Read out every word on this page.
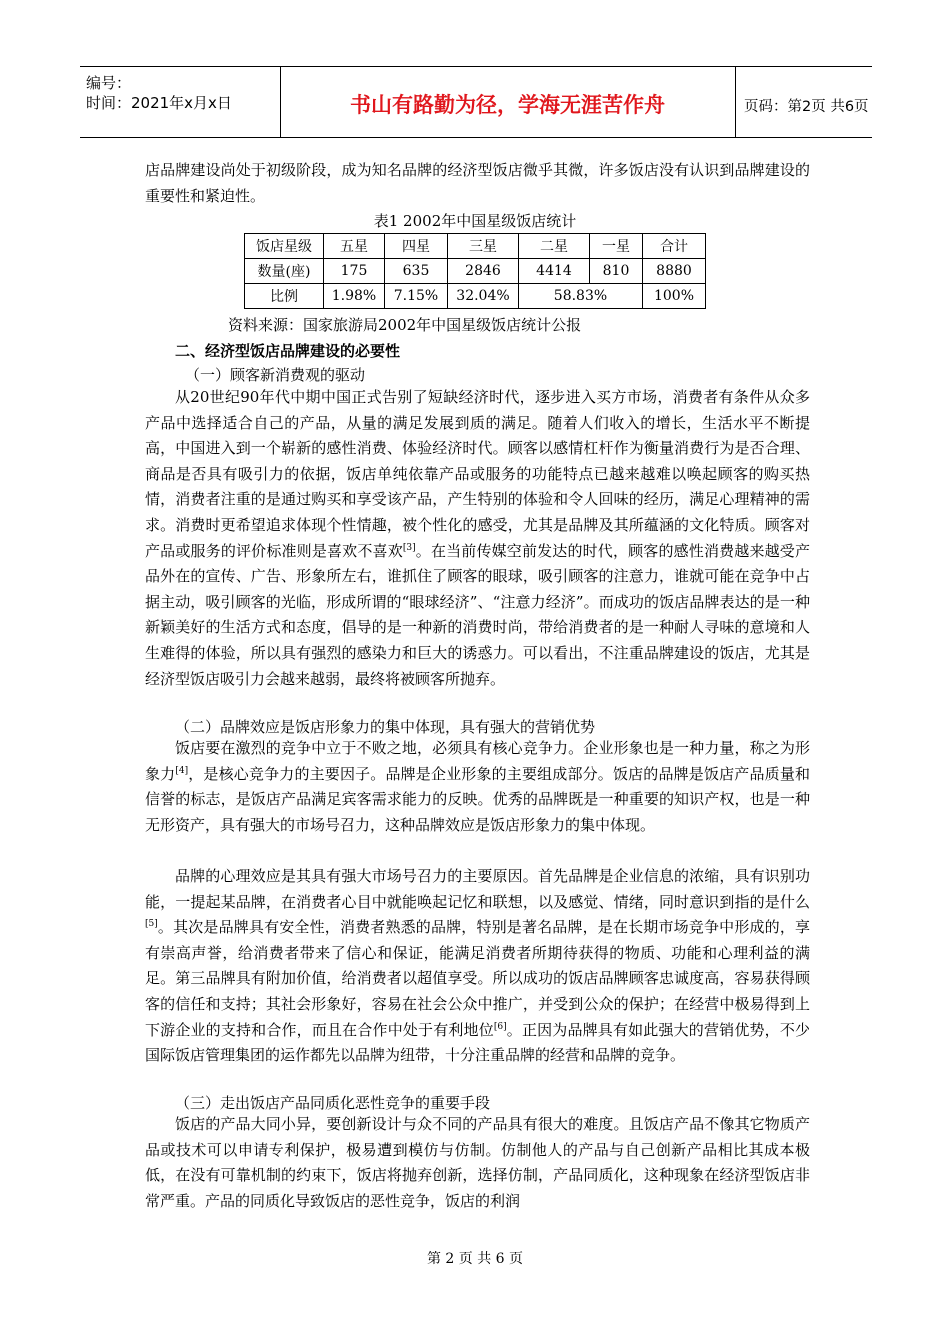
编号：
时间：2021年x月x日	书山有路勤为径，学海无涯苦作舟	页码：第2页 共6页

店品牌建设尚处于初级阶段，成为知名品牌的经济型饭店微乎其微，许多饭店没有认识到品牌建设的重要性和紧迫性。

表1 2002年中国星级饭店统计
饭店星级	五星	四星	三星	二星	一星	合计
数量(座)	175	635	2846	4414	810	8880
比例	1.98%	7.15%	32.04%	58.83%		100%
资料来源：国家旅游局2002年中国星级饭店统计公报
二、经济型饭店品牌建设的必要性
（一）顾客新消费观的驱动

从20世纪90年代中期中国正式告别了短缺经济时代，逐步进入买方市场，消费者有条件从众多产品中选择适合自己的产品，从量的满足发展到质的满足。随着人们收入的增长，生活水平不断提高，中国进入到一个崭新的感性消费、体验经济时代。顾客以感情杠杆作为衡量消费行为是否合理、商品是否具有吸引力的依据，饭店单纯依靠产品或服务的功能特点已越来越难以唤起顾客的购买热情，消费者注重的是通过购买和享受该产品，产生特别的体验和令人回味的经历，满足心理精神的需求。消费时更希望追求体现个性情趣，被个性化的感受，尤其是品牌及其所蕴涵的文化特质。顾客对产品或服务的评价标准则是喜欢不喜欢[3]。在当前传媒空前发达的时代，顾客的感性消费越来越受产品外在的宣传、广告、形象所左右，谁抓住了顾客的眼球，吸引顾客的注意力，谁就可能在竞争中占据主动，吸引顾客的光临，形成所谓的“眼球经济”、“注意力经济”。而成功的饭店品牌表达的是一种新颖美好的生活方式和态度，倡导的是一种新的消费时尚，带给消费者的是一种耐人寻味的意境和人生难得的体验，所以具有强烈的感染力和巨大的诱惑力。可以看出，不注重品牌建设的饭店，尤其是经济型饭店吸引力会越来越弱，最终将被顾客所抛弃。

（二）品牌效应是饭店形象力的集中体现，具有强大的营销优势

饭店要在激烈的竞争中立于不败之地，必须具有核心竞争力。企业形象也是一种力量，称之为形象力[4]，是核心竞争力的主要因子。品牌是企业形象的主要组成部分。饭店的品牌是饭店产品质量和信誉的标志，是饭店产品满足宾客需求能力的反映。优秀的品牌既是一种重要的知识产权，也是一种无形资产，具有强大的市场号召力，这种品牌效应是饭店形象力的集中体现。

品牌的心理效应是其具有强大市场号召力的主要原因。首先品牌是企业信息的浓缩，具有识别功能，一提起某品牌，在消费者心目中就能唤起记忆和联想，以及感觉、情绪，同时意识到指的是什么[5]。其次是品牌具有安全性，消费者熟悉的品牌，特别是著名品牌，是在长期市场竞争中形成的，享有崇高声誉，给消费者带来了信心和保证，能满足消费者所期待获得的物质、功能和心理利益的满足。第三品牌具有附加价值，给消费者以超值享受。所以成功的饭店品牌顾客忠诚度高，容易获得顾客的信任和支持；其社会形象好，容易在社会公众中推广，并受到公众的保护；在经营中极易得到上下游企业的支持和合作，而且在合作中处于有利地位[6]。正因为品牌具有如此强大的营销优势，不少国际饭店管理集团的运作都先以品牌为纽带，十分注重品牌的经营和品牌的竞争。

（三）走出饭店产品同质化恶性竞争的重要手段

饭店的产品大同小异，要创新设计与众不同的产品具有很大的难度。且饭店产品不像其它物质产品或技术可以申请专利保护，极易遭到模仿与仿制。仿制他人的产品与自己创新产品相比其成本极低，在没有可靠机制的约束下，饭店将抛弃创新，选择仿制，产品同质化，这种现象在经济型饭店非常严重。产品的同质化导致饭店的恶性竞争，饭店的利润

第 2 页 共 6 页
